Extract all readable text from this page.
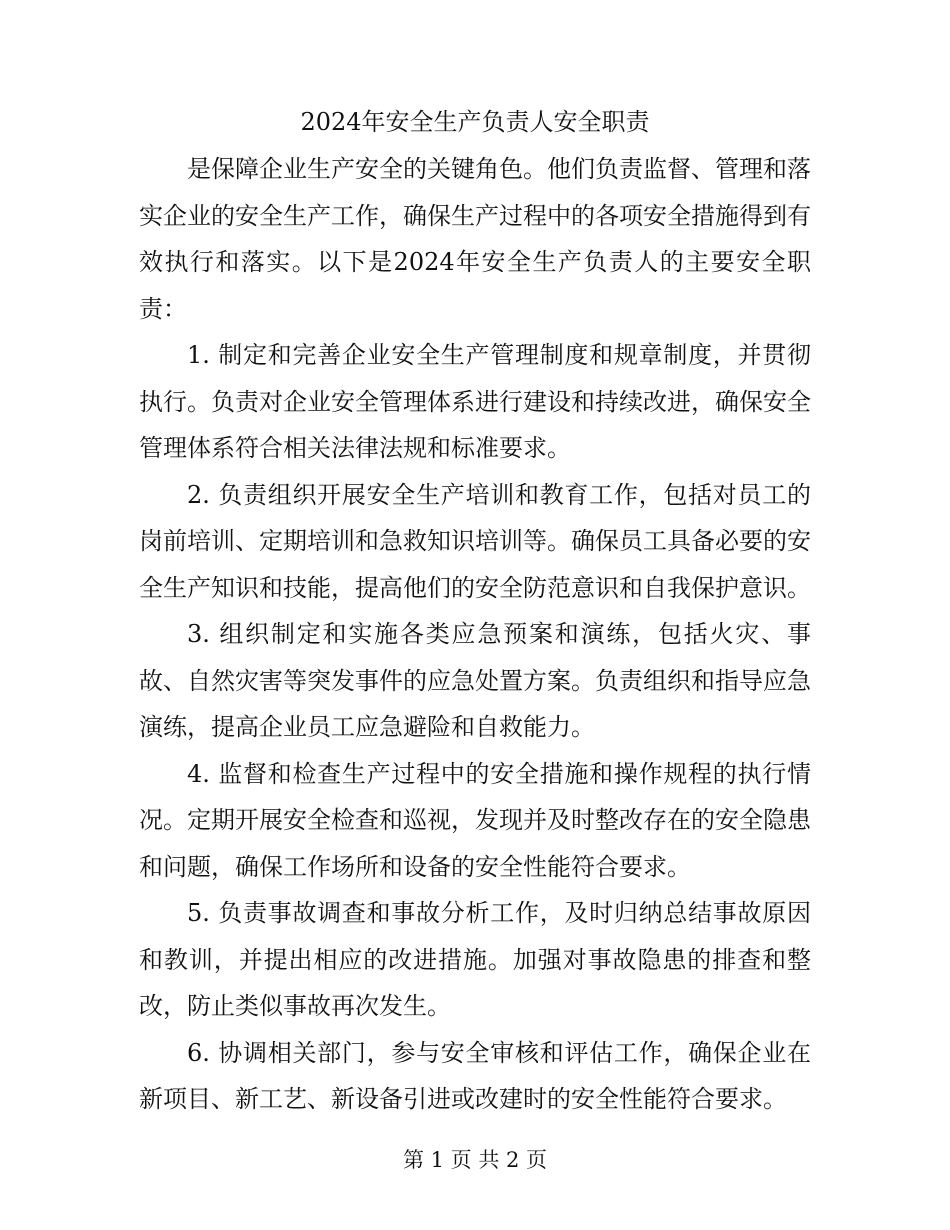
2024年安全生产负责人安全职责

是保障企业生产安全的关键角色。他们负责监督、管理和落实企业的安全生产工作，确保生产过程中的各项安全措施得到有效执行和落实。以下是2024年安全生产负责人的主要安全职责：

1. 制定和完善企业安全生产管理制度和规章制度，并贯彻执行。负责对企业安全管理体系进行建设和持续改进，确保安全管理体系符合相关法律法规和标准要求。

2. 负责组织开展安全生产培训和教育工作，包括对员工的岗前培训、定期培训和急救知识培训等。确保员工具备必要的安全生产知识和技能，提高他们的安全防范意识和自我保护意识。

3. 组织制定和实施各类应急预案和演练，包括火灾、事故、自然灾害等突发事件的应急处置方案。负责组织和指导应急演练，提高企业员工应急避险和自救能力。

4. 监督和检查生产过程中的安全措施和操作规程的执行情况。定期开展安全检查和巡视，发现并及时整改存在的安全隐患和问题，确保工作场所和设备的安全性能符合要求。

5. 负责事故调查和事故分析工作，及时归纳总结事故原因和教训，并提出相应的改进措施。加强对事故隐患的排查和整改，防止类似事故再次发生。

6. 协调相关部门，参与安全审核和评估工作，确保企业在新项目、新工艺、新设备引进或改建时的安全性能符合要求。

第 1 页 共 2 页
